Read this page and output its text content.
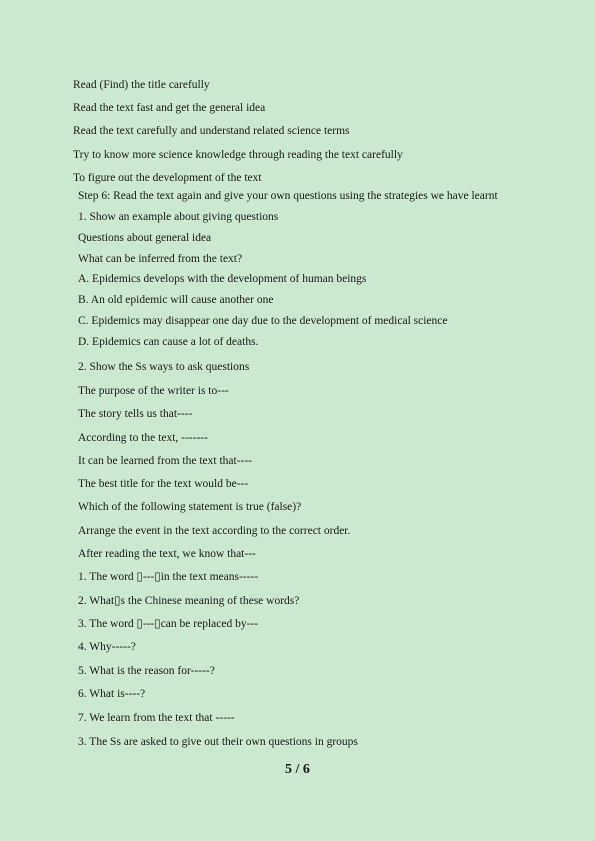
Read (Find) the title carefully
Read the text fast and get the general idea
Read the text carefully and understand related science terms
Try to know more science knowledge through reading the text carefully
To figure out the development of the text
Step 6: Read the text again and give your own questions using the strategies we have learnt
1. Show an example about giving questions
Questions about general idea
What can be inferred from the text?
A. Epidemics develops with the development of human beings
B. An old epidemic will cause another one
C. Epidemics may disappear one day due to the development of medical science
D. Epidemics can cause a lot of deaths.
2. Show the Ss ways to ask questions
The purpose of the writer is to---
The story tells us that----
According to the text, -------
It can be learned from the text that----
The best title for the text would be---
Which of the following statement is true (false)?
Arrange the event in the text according to the correct order.
After reading the text, we know that---
1. The word ▯---▯in the text means-----
2. What▯s the Chinese meaning of these words?
3. The word ▯---▯can be replaced by---
4. Why-----?
5. What is the reason for-----?
6. What is----?
7. We learn from the text that -----
3. The Ss are asked to give out their own questions in groups
5 / 6
